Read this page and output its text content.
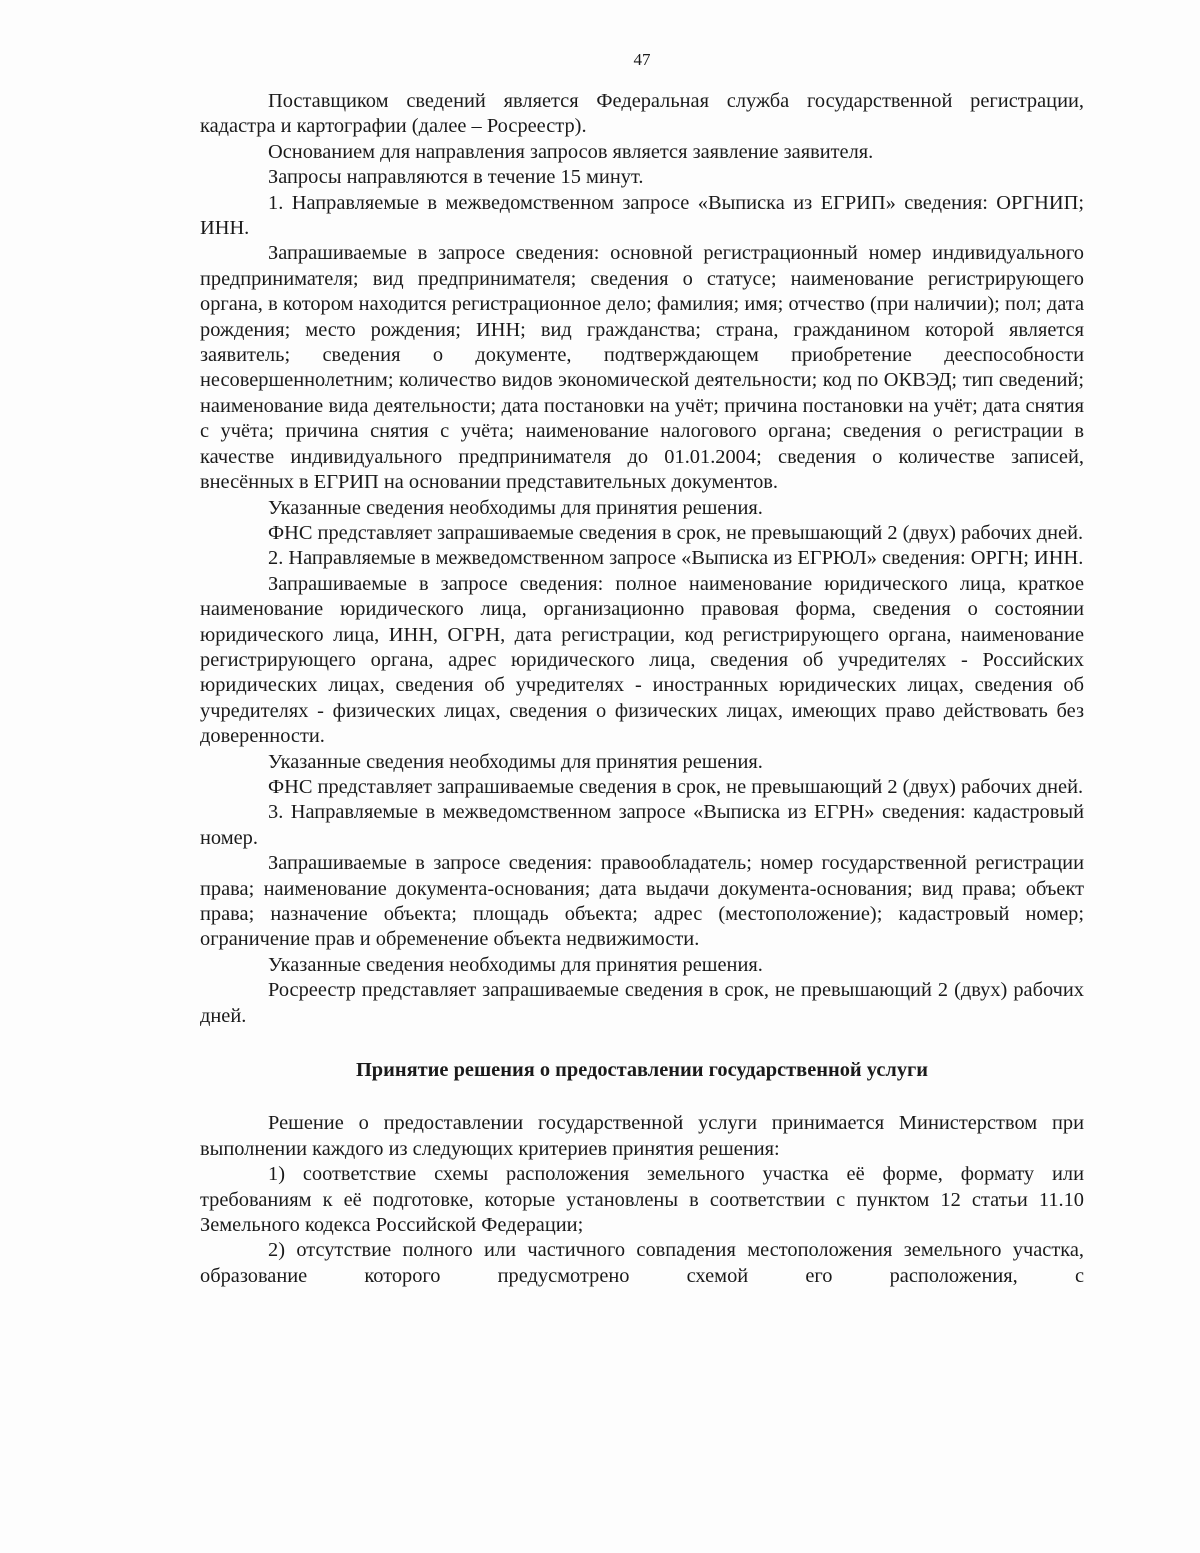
47

Поставщиком сведений является Федеральная служба государственной регистрации, кадастра и картографии (далее – Росреестр).

Основанием для направления запросов является заявление заявителя.

Запросы направляются в течение 15 минут.

1. Направляемые в межведомственном запросе «Выписка из ЕГРИП» сведения: ОРГНИП; ИНН.

Запрашиваемые в запросе сведения: основной регистрационный номер индивидуального предпринимателя; вид предпринимателя; сведения о статусе; наименование регистрирующего органа, в котором находится регистрационное дело; фамилия; имя; отчество (при наличии); пол; дата рождения; место рождения; ИНН; вид гражданства; страна, гражданином которой является заявитель; сведения о документе, подтверждающем приобретение дееспособности несовершеннолетним; количество видов экономической деятельности; код по ОКВЭД; тип сведений; наименование вида деятельности; дата постановки на учёт; причина постановки на учёт; дата снятия с учёта; причина снятия с учёта; наименование налогового органа; сведения о регистрации в качестве индивидуального предпринимателя до 01.01.2004; сведения о количестве записей, внесённых в ЕГРИП на основании представительных документов.

Указанные сведения необходимы для принятия решения.

ФНС представляет запрашиваемые сведения в срок, не превышающий 2 (двух) рабочих дней.

2. Направляемые в межведомственном запросе «Выписка из ЕГРЮЛ» сведения: ОРГН; ИНН.

Запрашиваемые в запросе сведения: полное наименование юридического лица, краткое наименование юридического лица, организационно правовая форма, сведения о состоянии юридического лица, ИНН, ОГРН, дата регистрации, код регистрирующего органа, наименование регистрирующего органа, адрес юридического лица, сведения об учредителях - Российских юридических лицах, сведения об учредителях - иностранных юридических лицах, сведения об учредителях - физических лицах, сведения о физических лицах, имеющих право действовать без доверенности.

Указанные сведения необходимы для принятия решения.

ФНС представляет запрашиваемые сведения в срок, не превышающий 2 (двух) рабочих дней.

3. Направляемые в межведомственном запросе «Выписка из ЕГРН» сведения: кадастровый номер.

Запрашиваемые в запросе сведения: правообладатель; номер государственной регистрации права; наименование документа-основания; дата выдачи документа-основания; вид права; объект права; назначение объекта; площадь объекта; адрес (местоположение); кадастровый номер; ограничение прав и обременение объекта недвижимости.

Указанные сведения необходимы для принятия решения.

Росреестр представляет запрашиваемые сведения в срок, не превышающий 2 (двух) рабочих дней.

Принятие решения о предоставлении государственной услуги

Решение о предоставлении государственной услуги принимается Министерством при выполнении каждого из следующих критериев принятия решения:

1) соответствие схемы расположения земельного участка её форме, формату или требованиям к её подготовке, которые установлены в соответствии с пунктом 12 статьи 11.10 Земельного кодекса Российской Федерации;

2) отсутствие полного или частичного совпадения местоположения земельного участка, образование которого предусмотрено схемой его расположения, с
